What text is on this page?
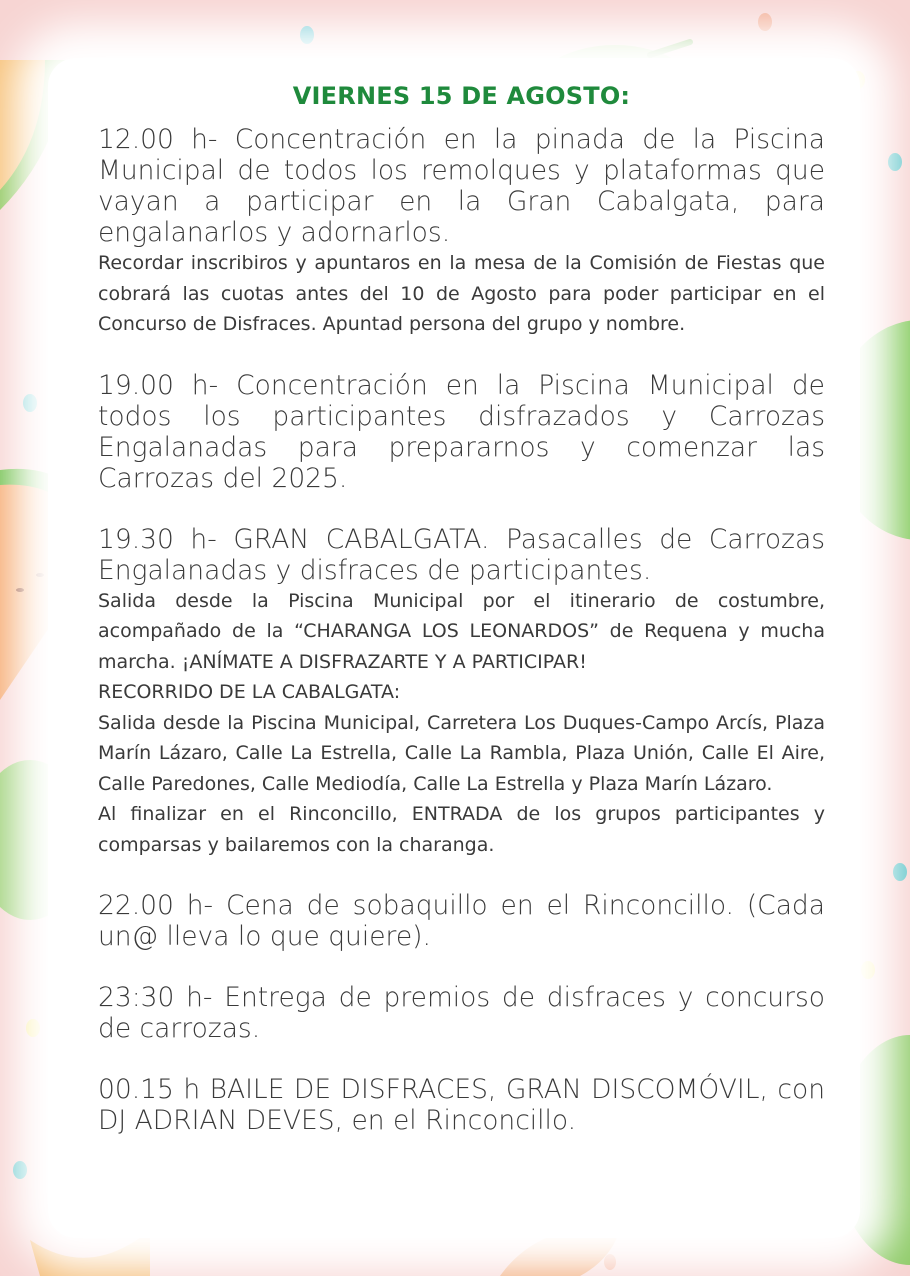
VIERNES 15 DE AGOSTO:

12.00 h- Concentración en la pinada de la Piscina Municipal de todos los remolques y plataformas que vayan a participar en la Gran Cabalgata, para engalanarlos y adornarlos.

Recordar inscribiros y apuntaros en la mesa de la Comisión de Fiestas que cobrará las cuotas antes del 10 de Agosto para poder participar en el Concurso de Disfraces. Apuntad persona del grupo y nombre.

19.00 h- Concentración en la Piscina Municipal de todos los participantes disfrazados y Carrozas Engalanadas para prepararnos y comenzar las Carrozas del 2025.

19.30 h- GRAN CABALGATA. Pasacalles de Carrozas Engalanadas y disfraces de participantes.

Salida desde la Piscina Municipal por el itinerario de costumbre, acompañado de la “CHARANGA LOS LEONARDOS” de Requena y mucha marcha. ¡ANÍMATE A DISFRAZARTE Y A PARTICIPAR!

RECORRIDO DE LA CABALGATA:

Salida desde la Piscina Municipal, Carretera Los Duques-Campo Arcís, Plaza Marín Lázaro, Calle La Estrella, Calle La Rambla, Plaza Unión, Calle El Aire, Calle Paredones, Calle Mediodía, Calle La Estrella y Plaza Marín Lázaro.

Al finalizar en el Rinconcillo, ENTRADA de los grupos participantes y comparsas y bailaremos con la charanga.

22.00 h- Cena de sobaquillo en el Rinconcillo. (Cada un@ lleva lo que quiere).

23:30 h- Entrega de premios de disfraces y concurso de carrozas.

00.15 h BAILE DE DISFRACES, GRAN DISCOMÓVIL, con DJ ADRIAN DEVES, en el Rinconcillo.
